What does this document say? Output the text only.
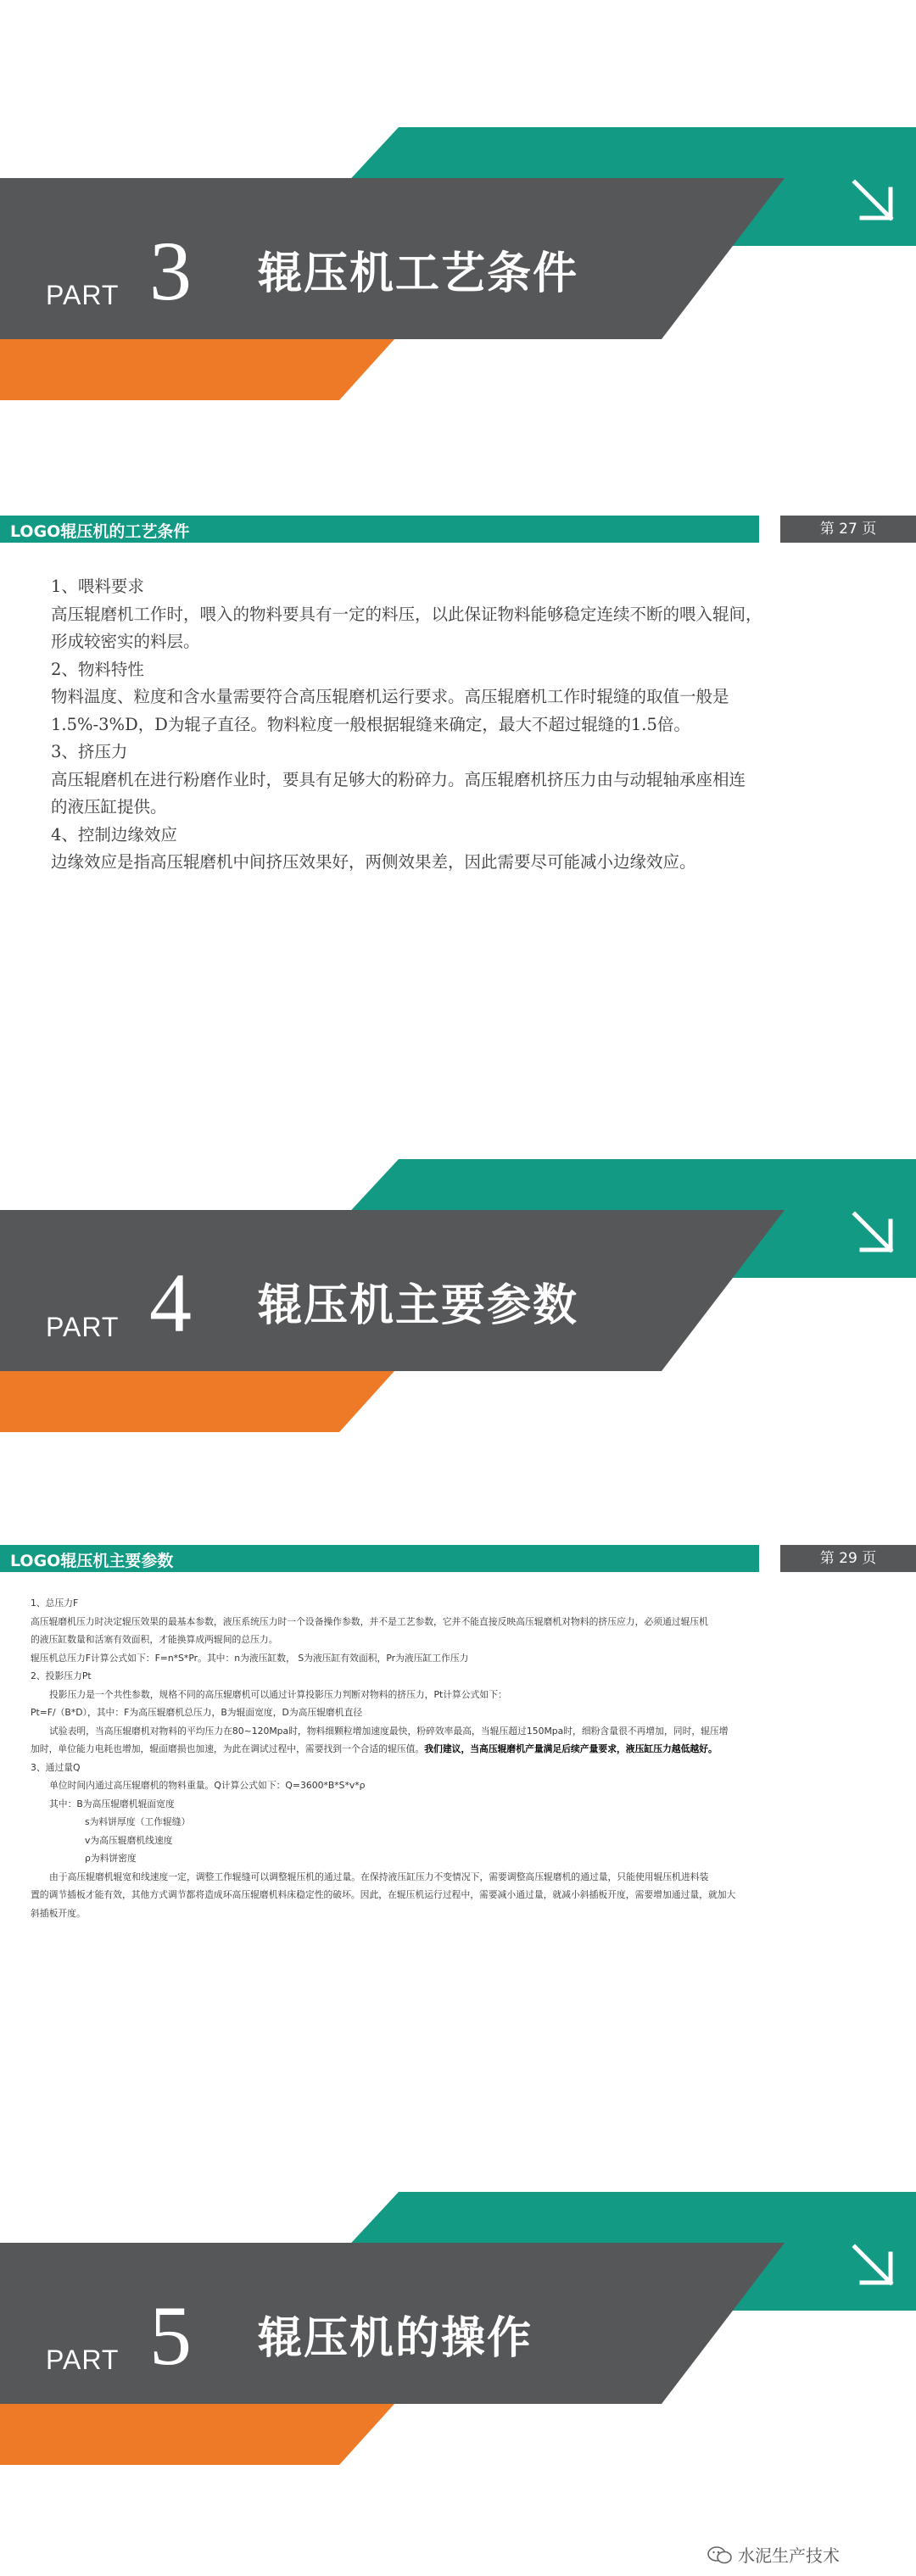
PART 3 辊压机工艺条件
LOGO辊压机的工艺条件	第 27 页

1、喂料要求

高压辊磨机工作时，喂入的物料要具有一定的料压，以此保证物料能够稳定连续不断的喂入辊间，

形成较密实的料层。

2、物料特性

物料温度、粒度和含水量需要符合高压辊磨机运行要求。高压辊磨机工作时辊缝的取值一般是

1.5%-3%D，D为辊子直径。物料粒度一般根据辊缝来确定，最大不超过辊缝的1.5倍。

3、挤压力

高压辊磨机在进行粉磨作业时，要具有足够大的粉碎力。高压辊磨机挤压力由与动辊轴承座相连

的液压缸提供。

4、控制边缘效应

边缘效应是指高压辊磨机中间挤压效果好，两侧效果差，因此需要尽可能减小边缘效应。

PART 4 辊压机主要参数
LOGO辊压机主要参数	第 29 页

1、总压力F

高压辊磨机压力时决定辊压效果的最基本参数，液压系统压力时一个设备操作参数，并不是工艺参数，它并不能直接反映高压辊磨机对物料的挤压应力，必须通过辊压机

的液压缸数量和活塞有效面积，才能换算成两辊间的总压力。

辊压机总压力F计算公式如下：F=n*S*Pr。其中：n为液压缸数， S为液压缸有效面积，Pr为液压缸工作压力

2、投影压力Pt

投影压力是一个共性参数，规格不同的高压辊磨机可以通过计算投影压力判断对物料的挤压力，Pt计算公式如下：

Pt=F/（B*D），其中：F为高压辊磨机总压力，B为辊面宽度，D为高压辊磨机直径

试验表明，当高压辊磨机对物料的平均压力在80~120Mpa时，物料细颗粒增加速度最快，粉碎效率最高，当辊压超过150Mpa时，细粉含量很不再增加，同时，辊压增

加时，单位能力电耗也增加，辊面磨损也加速，为此在调试过程中，需要找到一个合适的辊压值。我们建议，当高压辊磨机产量满足后续产量要求，液压缸压力越低越好。

3、通过量Q

单位时间内通过高压辊磨机的物料重量。Q计算公式如下：Q=3600*B*S*v*ρ

其中：B为高压辊磨机辊面宽度

s为料饼厚度（工作辊缝）

v为高压辊磨机线速度

ρ为料饼密度

由于高压辊磨机辊宽和线速度一定，调整工作辊缝可以调整辊压机的通过量。在保持液压缸压力不变情况下，需要调整高压辊磨机的通过量，只能使用辊压机进料装

置的调节插板才能有效，其他方式调节都将造成环高压辊磨机料床稳定性的破坏。因此，在辊压机运行过程中，需要减小通过量，就减小斜插板开度，需要增加通过量，就加大

斜插板开度。

PART 5 辊压机的操作
水泥生产技术
